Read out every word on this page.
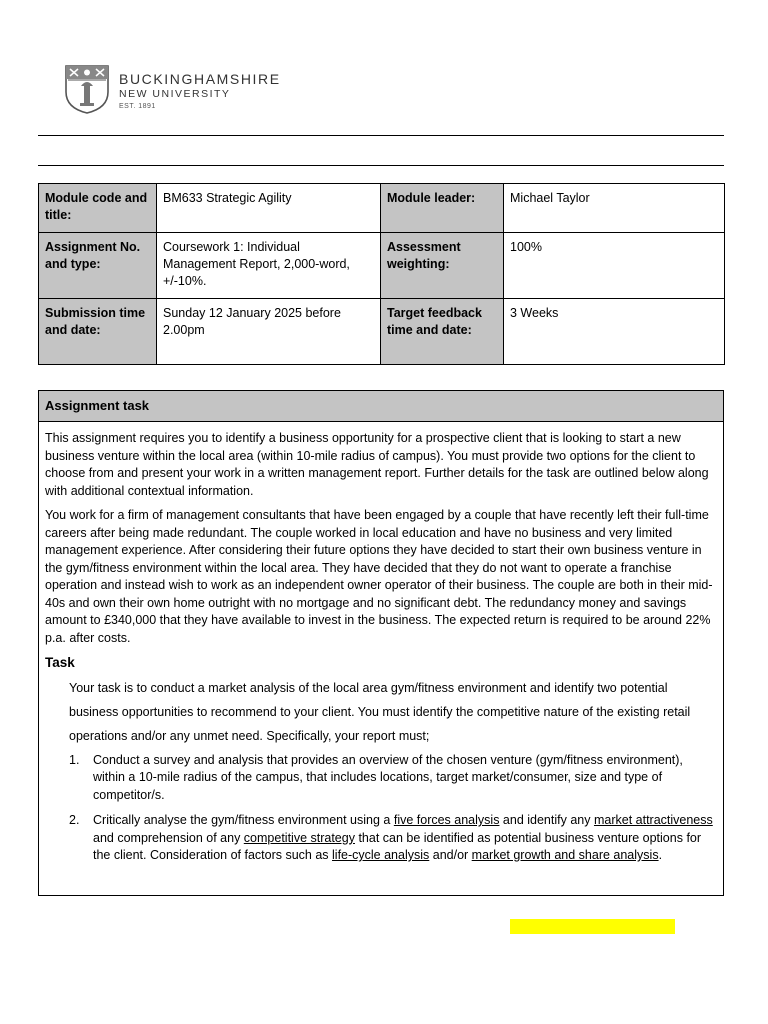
BUCKINGHAMSHIRE
NEW UNIVERSITY
EST. 1891
Module code and title:	BM633 Strategic Agility	Module leader:	Michael Taylor
Assignment No. and type:	Coursework 1: Individual Management Report, 2,000-word, +/-10%.	Assessment weighting:	100%
Submission time and date:	Sunday 12 January 2025 before 2.00pm	Target feedback time and date:	3 Weeks
Assignment task

This assignment requires you to identify a business opportunity for a prospective client that is looking to start a new business venture within the local area (within 10-mile radius of campus). You must provide two options for the client to choose from and present your work in a written management report. Further details for the task are outlined below along with additional contextual information.

You work for a firm of management consultants that have been engaged by a couple that have recently left their full-time careers after being made redundant. The couple worked in local education and have no business and very limited management experience. After considering their future options they have decided to start their own business venture in the gym/fitness environment within the local area. They have decided that they do not want to operate a franchise operation and instead wish to work as an independent owner operator of their business. The couple are both in their mid-40s and own their own home outright with no mortgage and no significant debt. The redundancy money and savings amount to £340,000 that they have available to invest in the business. The expected return is required to be around 22% p.a. after costs.

Task
Your task is to conduct a market analysis of the local area gym/fitness environment and identify two potential business opportunities to recommend to your client. You must identify the competitive nature of the existing retail operations and/or any unmet need. Specifically, your report must;
1. Conduct a survey and analysis that provides an overview of the chosen venture (gym/fitness environment), within a 10-mile radius of the campus, that includes locations, target market/consumer, size and type of competitor/s.
2. Critically analyse the gym/fitness environment using a five forces analysis and identify any market attractiveness and comprehension of any competitive strategy that can be identified as potential business venture options for the client. Consideration of factors such as life-cycle analysis and/or market growth and share analysis.
